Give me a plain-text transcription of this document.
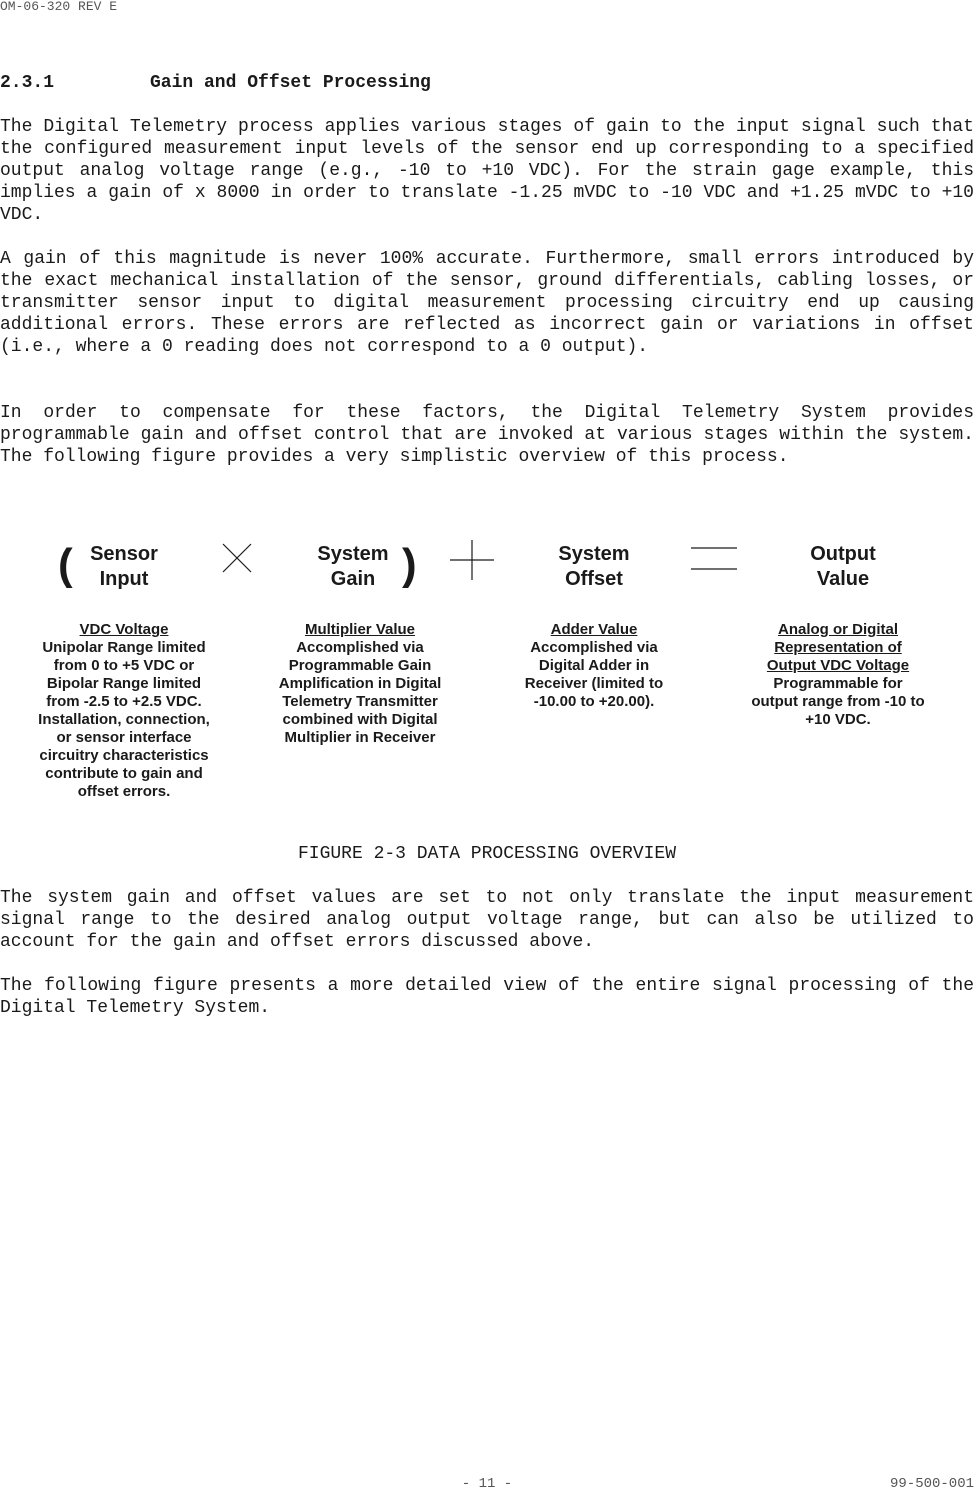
OM-06-320 REV E
2.3.1	Gain and Offset Processing

The Digital Telemetry process applies various stages of gain to the input signal such that the configured measurement input levels of the sensor end up corresponding to a specified output analog voltage range (e.g., -10 to +10 VDC). For the strain gage example, this implies a gain of x 8000 in order to translate -1.25 mVDC to -10 VDC and +1.25 mVDC to +10 VDC.

A gain of this magnitude is never 100% accurate. Furthermore, small errors introduced by the exact mechanical installation of the sensor, ground differentials, cabling losses, or transmitter sensor input to digital measurement processing circuitry end up causing additional errors. These errors are reflected as incorrect gain or variations in offset (i.e., where a 0 reading does not correspond to a 0 output).

In order to compensate for these factors, the Digital Telemetry System provides programmable gain and offset control that are invoked at various stages within the system. The following figure provides a very simplistic overview of this process.

(	)
Sensor
Input
System
Gain
System
Offset
Output
Value
VDC Voltage
Unipolar Range limited
from 0 to +5 VDC or
Bipolar Range limited
from -2.5 to +2.5 VDC.
Installation, connection,
or sensor interface
circuitry characteristics
contribute to gain and
offset errors.
Multiplier Value
Accomplished via
Programmable Gain
Amplification in Digital
Telemetry Transmitter
combined with Digital
Multiplier in Receiver
Adder Value
Accomplished via
Digital Adder in
Receiver (limited to
-10.00 to +20.00).
Analog or Digital
Representation of
Output VDC Voltage
Programmable for
output range from -10 to
+10 VDC.
FIGURE 2-3 DATA PROCESSING OVERVIEW

The system gain and offset values are set to not only translate the input measurement signal range to the desired analog output voltage range, but can also be utilized to account for the gain and offset errors discussed above.

The following figure presents a more detailed view of the entire signal processing of the Digital Telemetry System.

- 11 -	99-500-001
